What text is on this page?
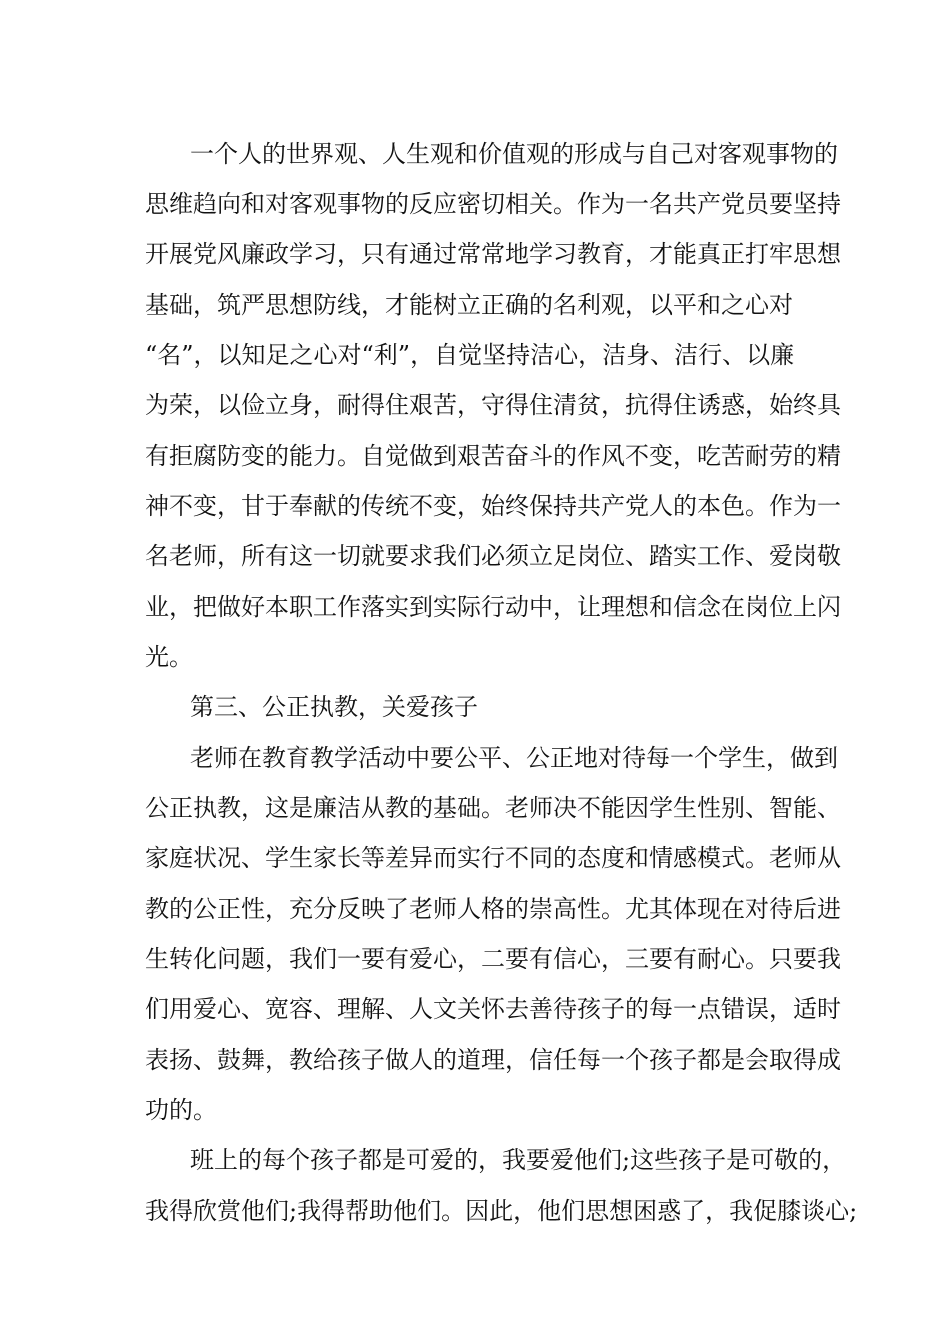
一个人的世界观、人生观和价值观的形成与自己对客观事物的
思维趋向和对客观事物的反应密切相关。作为一名共产党员要坚持
开展党风廉政学习，只有通过常常地学习教育，才能真正打牢思想
基础，筑严思想防线，才能树立正确的名利观，以平和之心对
“名”，以知足之心对“利”，自觉坚持洁心，洁身、洁行、以廉
为荣，以俭立身，耐得住艰苦，守得住清贫，抗得住诱惑，始终具
有拒腐防变的能力。自觉做到艰苦奋斗的作风不变，吃苦耐劳的精
神不变，甘于奉献的传统不变，始终保持共产党人的本色。作为一
名老师，所有这一切就要求我们必须立足岗位、踏实工作、爱岗敬
业，把做好本职工作落实到实际行动中，让理想和信念在岗位上闪
光。
第三、公正执教，关爱孩子
老师在教育教学活动中要公平、公正地对待每一个学生，做到
公正执教，这是廉洁从教的基础。老师决不能因学生性别、智能、
家庭状况、学生家长等差异而实行不同的态度和情感模式。老师从
教的公正性，充分反映了老师人格的崇高性。尤其体现在对待后进
生转化问题，我们一要有爱心，二要有信心，三要有耐心。只要我
们用爱心、宽容、理解、人文关怀去善待孩子的每一点错误，适时
表扬、鼓舞，教给孩子做人的道理，信任每一个孩子都是会取得成
功的。
班上的每个孩子都是可爱的，我要爱他们;这些孩子是可敬的，
我得欣赏他们;我得帮助他们。因此，他们思想困惑了，我促膝谈心;
